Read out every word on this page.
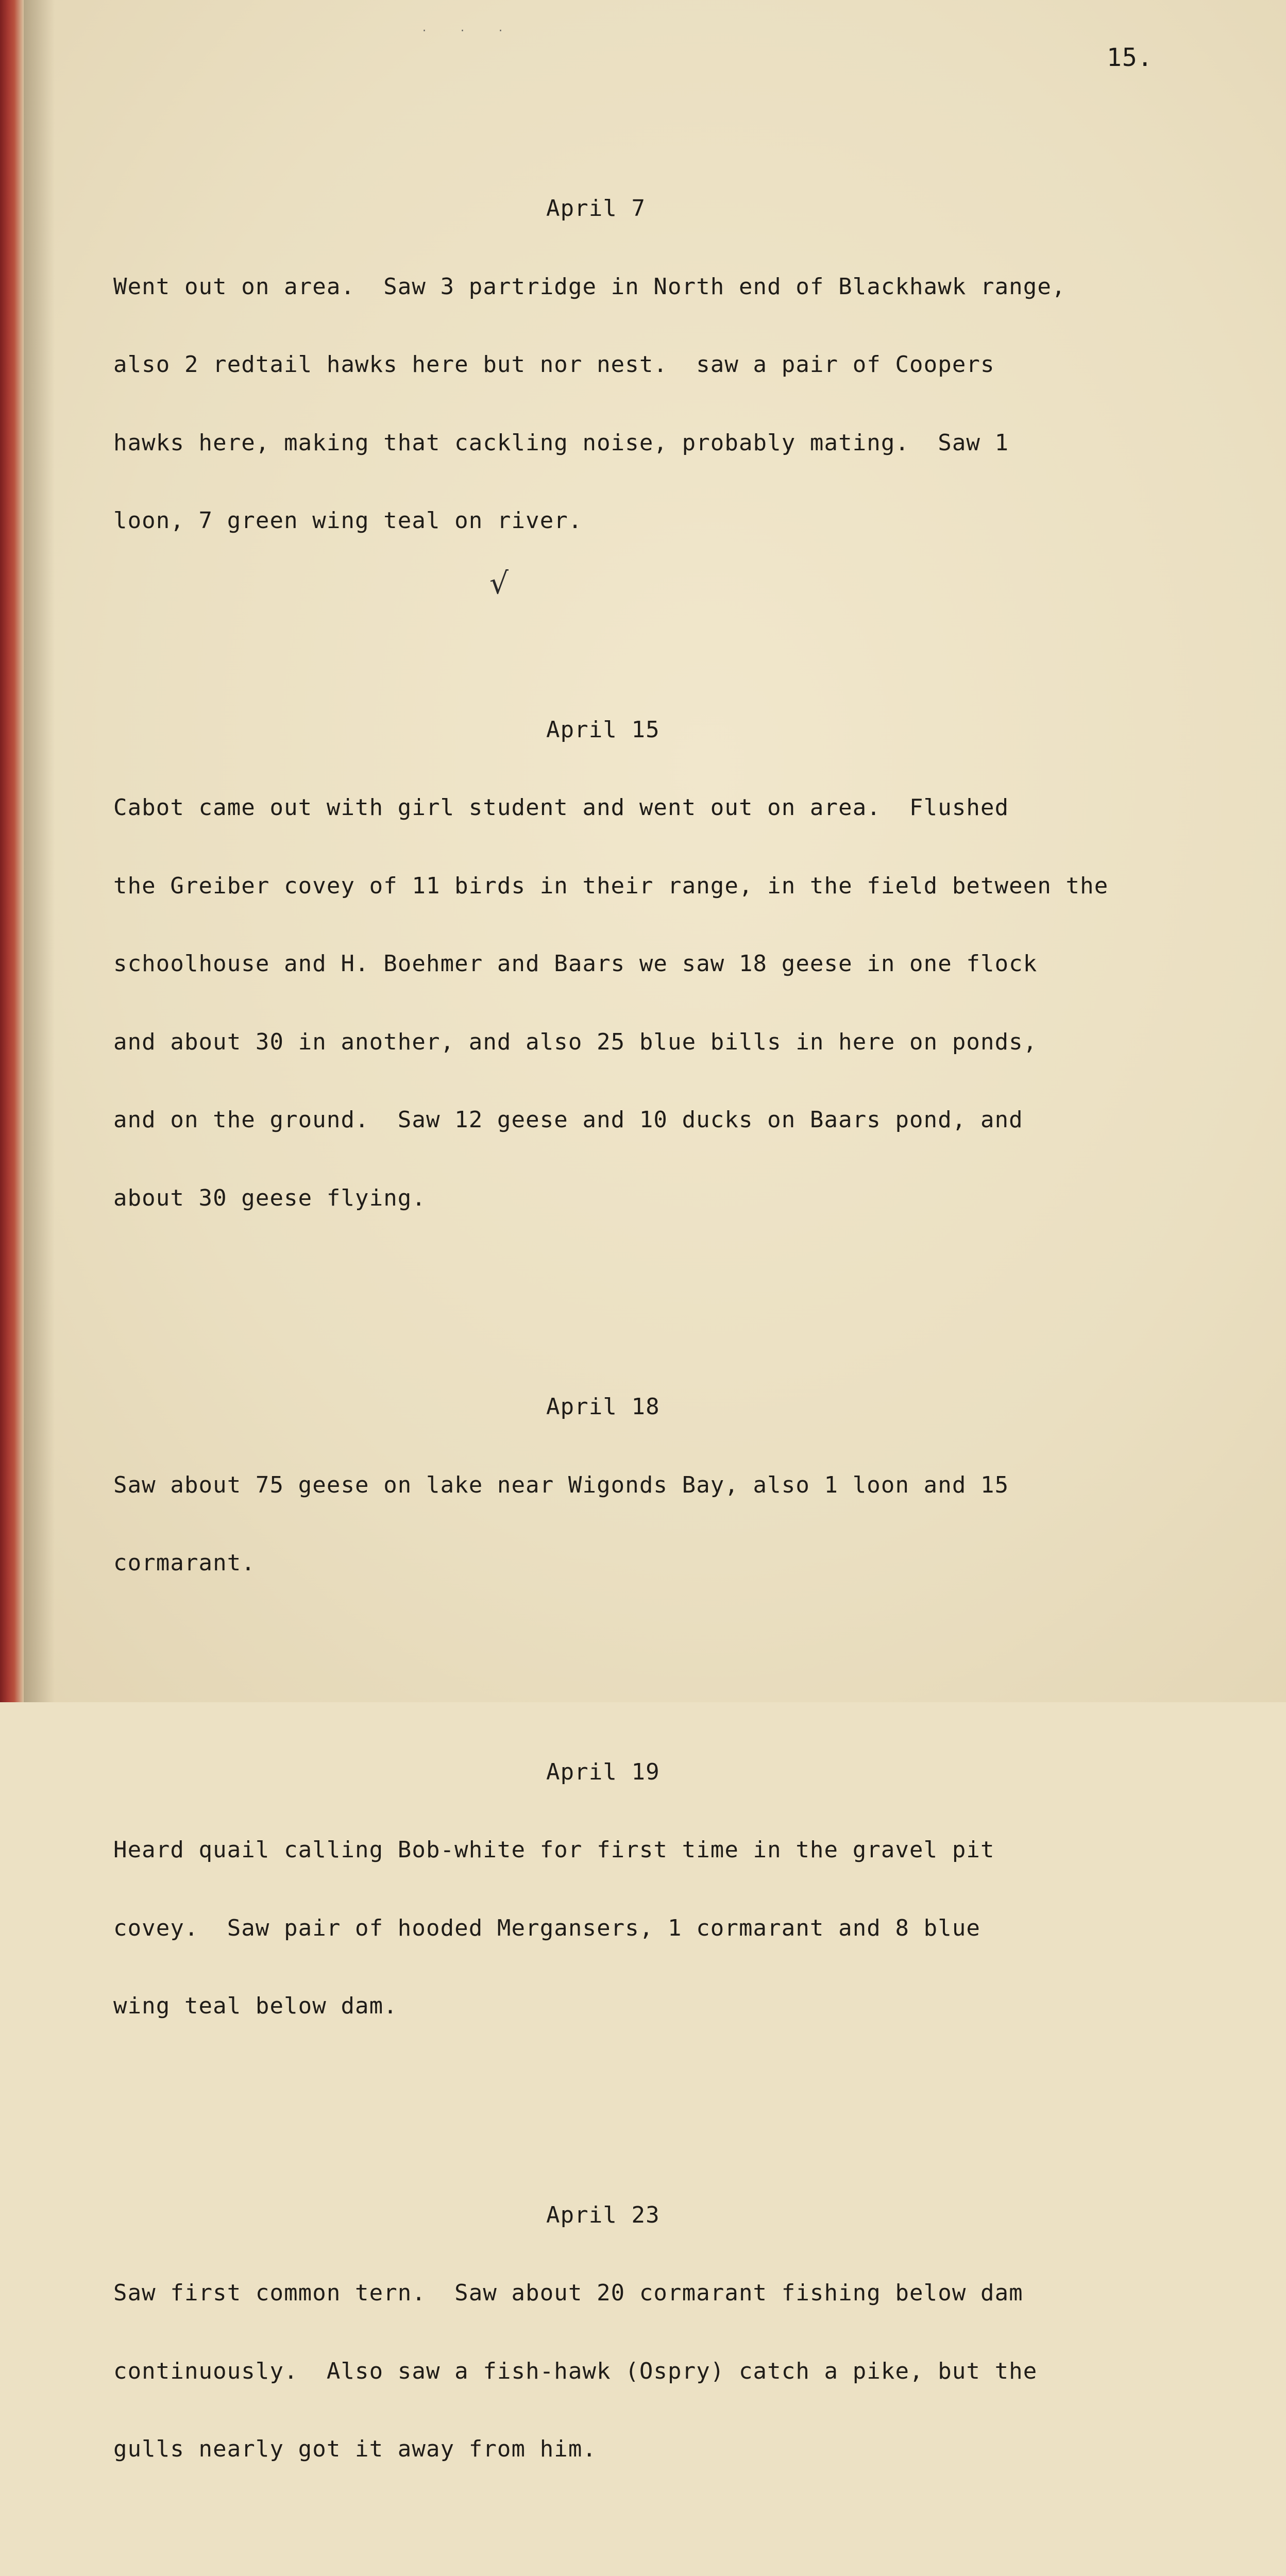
· · ·
15.
√

April 7

Went out on area.  Saw 3 partridge in North end of Blackhawk range,

also 2 redtail hawks here but nor nest.  saw a pair of Coopers

hawks here, making that cackling noise, probably mating.  Saw 1

loon, 7 green wing teal on river.

April 15

Cabot came out with girl student and went out on area.  Flushed

the Greiber covey of 11 birds in their range, in the field between the

schoolhouse and H. Boehmer and Baars we saw 18 geese in one flock

and about 30 in another, and also 25 blue bills in here on ponds,

and on the ground.  Saw 12 geese and 10 ducks on Baars pond, and

about 30 geese flying.

April 18

Saw about 75 geese on lake near Wigonds Bay, also 1 loon and 15

cormarant.

April 19

Heard quail calling Bob-white for first time in the gravel pit

covey.  Saw pair of hooded Mergansers, 1 cormarant and 8 blue

wing teal below dam.

April 23

Saw first common tern.  Saw about 20 cormarant fishing below dam

continuously.  Also saw a fish-hawk (Ospry) catch a pike, but the

gulls nearly got it away from him.
